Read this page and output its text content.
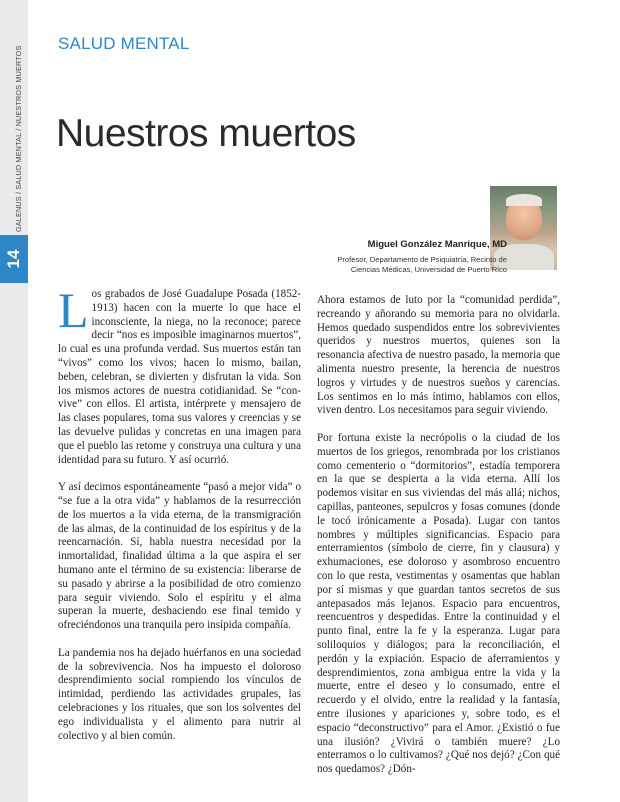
GALENUS / SALUD MENTAL / NUESTROS MUERTOS
14
SALUD MENTAL
Nuestros muertos
Miguel González Manrique, MD
Profesor, Departamento de Psiquiatría, Recinto de
Ciencias Médicas, Universidad de Puerto Rico

Los grabados de José Guadalupe Posada (1852-1913) hacen con la muerte lo que hace el inconsciente, la niega, no la reconoce; parece decir “nos es imposible imaginarnos muertos”, lo cual es una profunda verdad. Sus muertos están tan “vivos” como los vivos; hacen lo mismo, bailan, beben, celebran, se divierten y disfrutan la vida. Son los mismos actores de nuestra cotidianidad. Se “con-vive” con ellos. El artista, intérprete y mensajero de las clases populares, toma sus valores y creencias y se las devuelve pulidas y concretas en una imagen para que el pueblo las retome y construya una cultura y una identidad para su futuro. Y así ocurrió.

Y así decimos espontáneamente “pasó a mejor vida” o “se fue a la otra vida” y hablamos de la resurrección de los muertos a la vida eterna, de la transmigración de las almas, de la continuidad de los espíritus y de la reencarnación. Sí, habla nuestra necesidad por la inmortalidad, finalidad última a la que aspira el ser humano ante el término de su existencia: liberarse de su pasado y abrirse a la posibilidad de otro comienzo para seguir viviendo. Solo el espíritu y el alma superan la muerte, deshaciendo ese final temido y ofreciéndonos una tranquila pero insípida compañía.

La pandemia nos ha dejado huérfanos en una sociedad de la sobrevivencia. Nos ha impuesto el doloroso desprendimiento social rompiendo los vínculos de intimidad, perdiendo las actividades grupales, las celebraciones y los rituales, que son los solventes del ego individualista y el alimento para nutrir al colectivo y al bien común.

Ahora estamos de luto por la “comunidad perdida”, recreando y añorando su memoria para no olvidarla. Hemos quedado suspendidos entre los sobrevivientes queridos y nuestros muertos, quienes son la resonancia afectiva de nuestro pasado, la memoria que alimenta nuestro presente, la herencia de nuestros logros y virtudes y de nuestros sueños y carencias. Los sentimos en lo más íntimo, hablamos con ellos, viven dentro. Los necesitamos para seguir viviendo.

Por fortuna existe la necrópolis o la ciudad de los muertos de los griegos, renombrada por los cristianos como cementerio o “dormitorios”, estadía temporera en la que se despierta a la vida eterna. Allí los podemos visitar en sus viviendas del más allá; nichos, capillas, panteones, sepulcros y fosas comunes (donde le tocó irónicamente a Posada). Lugar con tantos nombres y múltiples significancias. Espacio para enterramientos (símbolo de cierre, fin y clausura) y exhumaciones, ese doloroso y asombroso encuentro con lo que resta, vestimentas y osamentas que hablan por sí mismas y que guardan tantos secretos de sus antepasados más lejanos. Espacio para encuentros, reencuentros y despedidas. Entre la continuidad y el punto final, entre la fe y la esperanza. Lugar para soliloquios y diálogos; para la reconciliación, el perdón y la expiación. Espacio de aferramientos y desprendimientos, zona ambigua entre la vida y la muerte, entre el deseo y lo consumado, entre el recuerdo y el olvido, entre la realidad y la fantasía, entre ilusiones y apariciones y, sobre todo, es el espacio “deconstructivo” para el Amor. ¿Existió o fue una ilusión? ¿Vivirá o también muere? ¿Lo enterramos o lo cultivamos? ¿Qué nos dejó? ¿Con qué nos quedamos? ¿Dón-
